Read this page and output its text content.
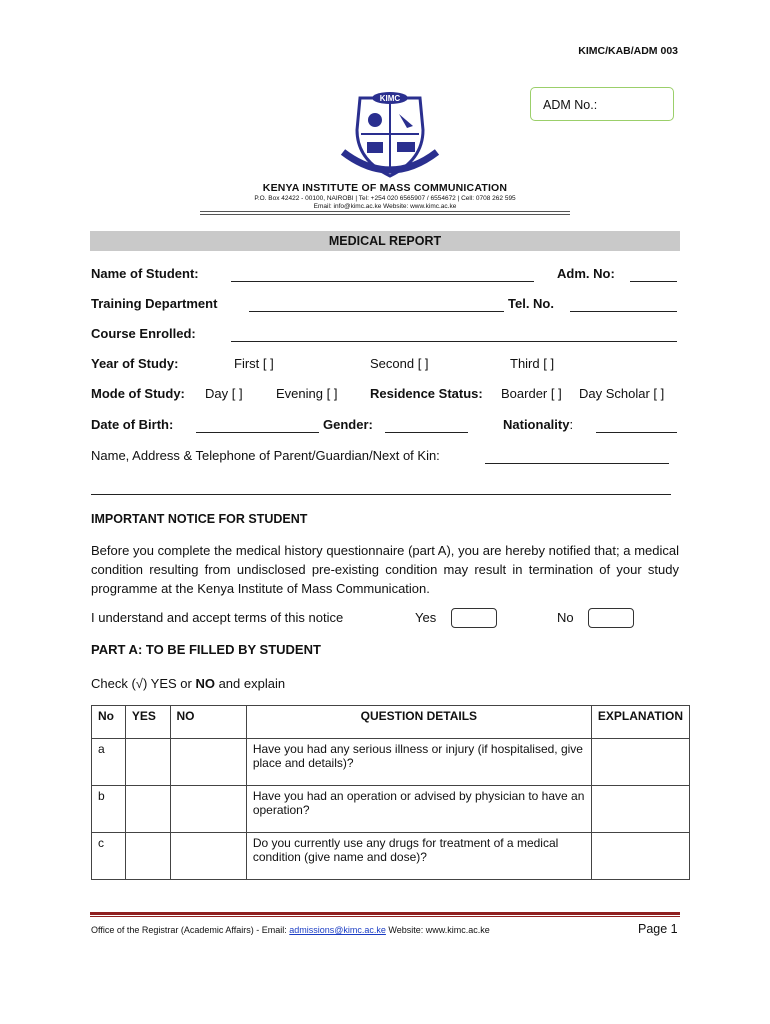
KIMC/KAB/ADM 003
ADM No.:
KIMC
KENYA INSTITUTE OF MASS COMMUNICATION
P.O. Box 42422 - 00100, NAIROBI | Tel: +254 020 6565907 / 6554672 | Cell: 0708 262 595
Email: info@kimc.ac.ke Website: www.kimc.ac.ke
MEDICAL REPORT
Name of Student:	Adm. No:
Training Department	Tel. No.
Course Enrolled:
Year of Study:	First [ ]	Second [ ]	Third [ ]
Mode of Study: Day [ ]	Evening [ ]	Residence Status: Boarder [ ] Day Scholar [ ]
Date of Birth:	Gender:	Nationality:
Name, Address & Telephone of Parent/Guardian/Next of Kin:
IMPORTANT NOTICE FOR STUDENT
Before you complete the medical history questionnaire (part A), you are hereby notified that; a medical condition resulting from undisclosed pre-existing condition may result in termination of your study programme at the Kenya Institute of Mass Communication.
I understand and accept terms of this notice	Yes	No
PART A: TO BE FILLED BY STUDENT
Check (√) YES or NO and explain
No	YES	NO	QUESTION DETAILS	EXPLANATION
a			Have you had any serious illness or injury (if hospitalised, give place and details)?	
b			Have you had an operation or advised by physician to have an operation?	
c			Do you currently use any drugs for treatment of a medical condition (give name and dose)?	
Office of the Registrar (Academic Affairs) - Email: admissions@kimc.ac.ke Website: www.kimc.ac.ke	Page 1
